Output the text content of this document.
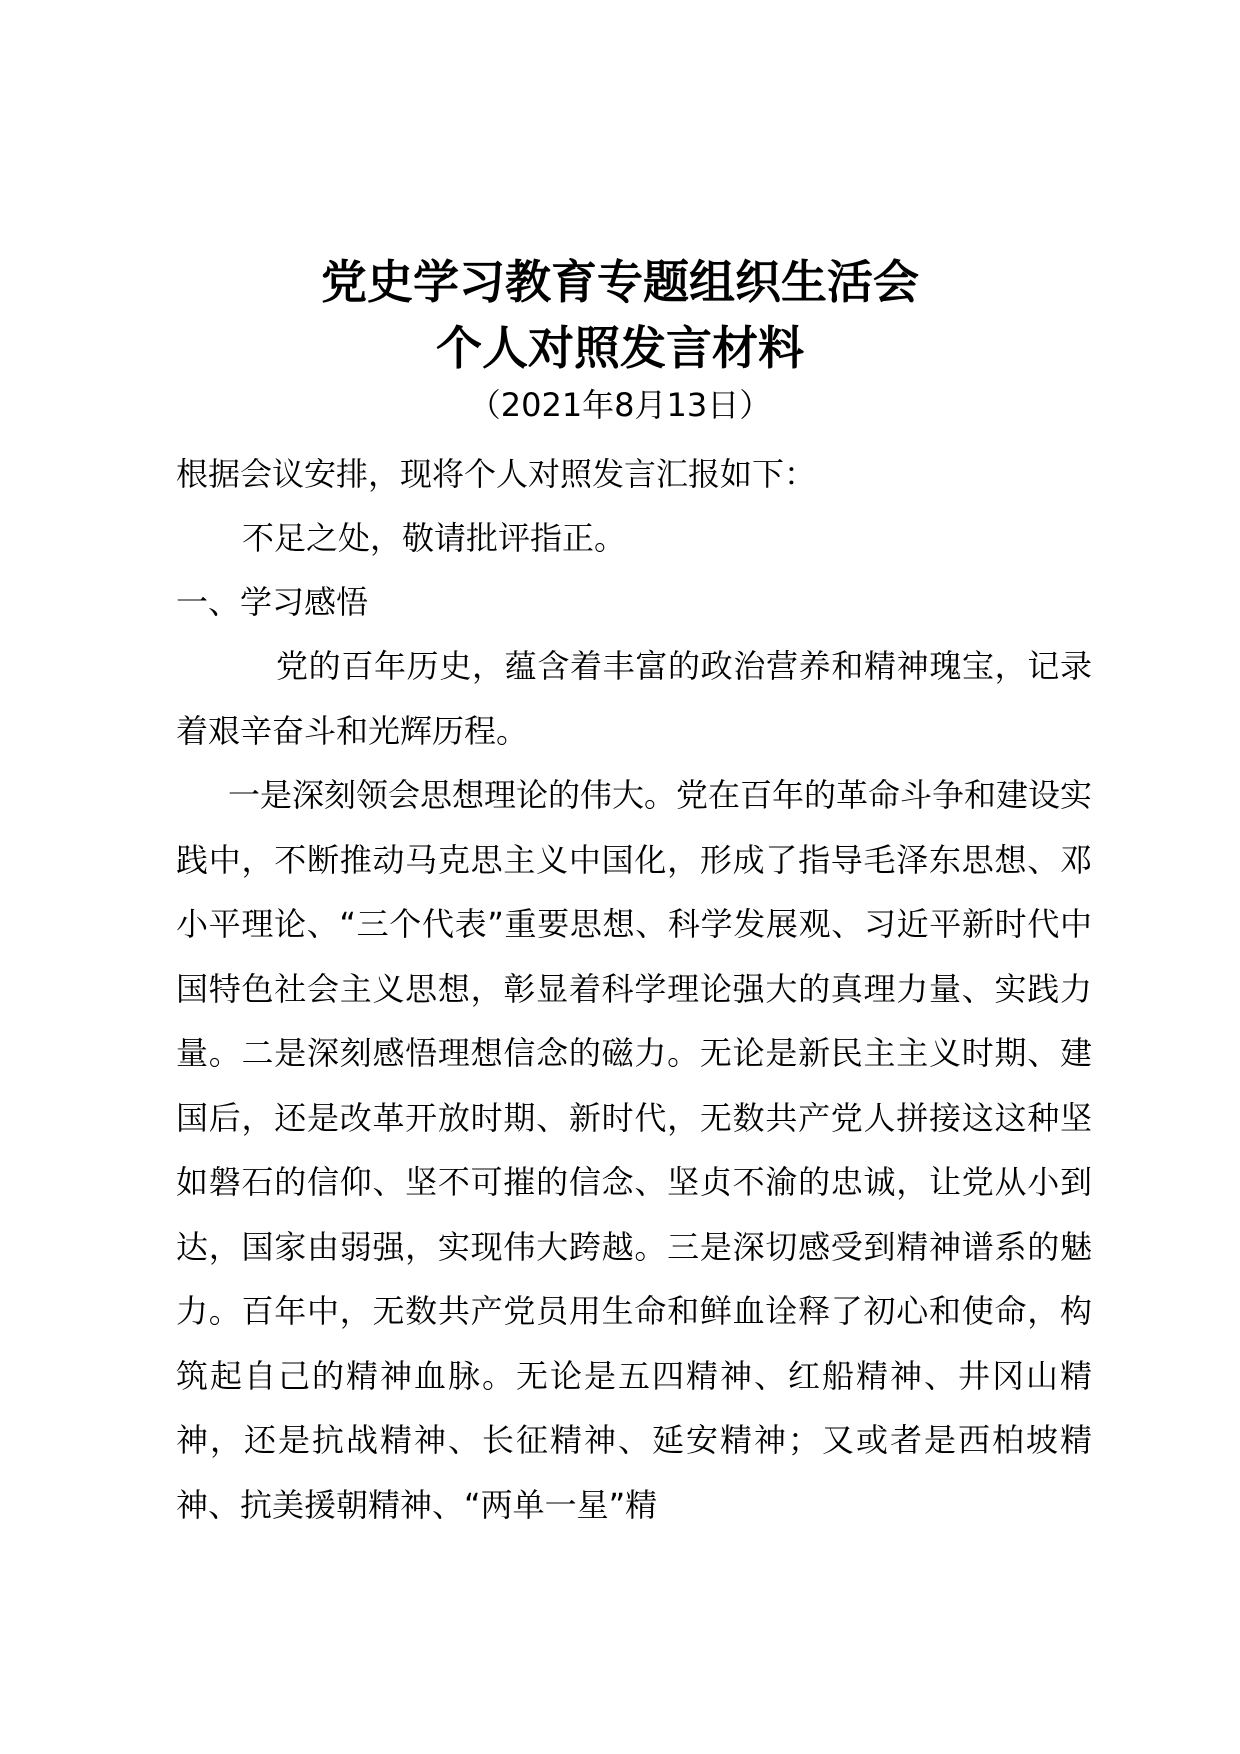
党史学习教育专题组织生活会
个人对照发言材料
（2021年8月13日）

根据会议安排，现将个人对照发言汇报如下：

不足之处，敬请批评指正。

一、学习感悟

党的百年历史，蕴含着丰富的政治营养和精神瑰宝，记录着艰辛奋斗和光辉历程。

一是深刻领会思想理论的伟大。党在百年的革命斗争和建设实践中，不断推动马克思主义中国化，形成了指导毛泽东思想、邓小平理论、“三个代表”重要思想、科学发展观、习近平新时代中国特色社会主义思想，彰显着科学理论强大的真理力量、实践力量。二是深刻感悟理想信念的磁力。无论是新民主主义时期、建国后，还是改革开放时期、新时代，无数共产党人拼接这这种坚如磐石的信仰、坚不可摧的信念、坚贞不渝的忠诚，让党从小到达，国家由弱强，实现伟大跨越。三是深切感受到精神谱系的魅力。百年中，无数共产党员用生命和鲜血诠释了初心和使命，构筑起自己的精神血脉。无论是五四精神、红船精神、井冈山精神，还是抗战精神、长征精神、延安精神；又或者是西柏坡精神、抗美援朝精神、“两单一星”精
